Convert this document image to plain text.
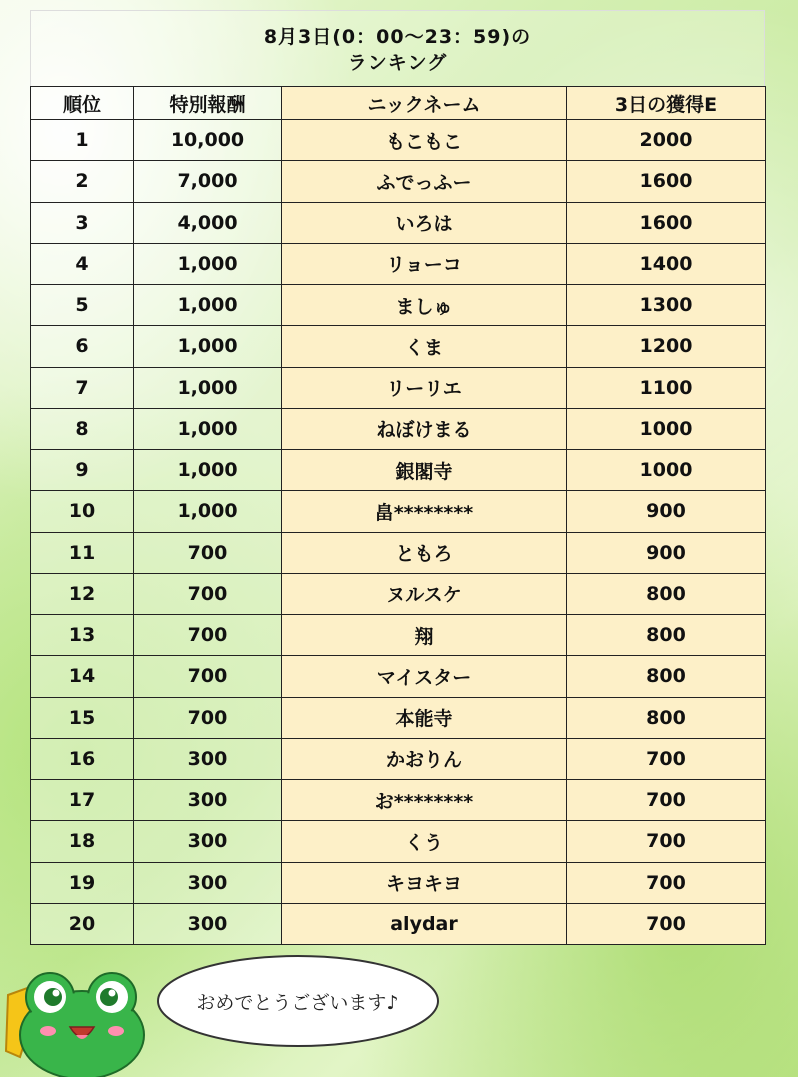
8月3日(0：00～23：59)の
ランキング
順位	特別報酬	ニックネーム	3日の獲得E
1	10,000	もこもこ	2000
2	7,000	ふでっふー	1600
3	4,000	いろは	1600
4	1,000	リョーコ	1400
5	1,000	ましゅ	1300
6	1,000	くま	1200
7	1,000	リーリエ	1100
8	1,000	ねぼけまる	1000
9	1,000	銀閣寺	1000
10	1,000	畠********	900
11	700	ともろ	900
12	700	ヌルスケ	800
13	700	翔	800
14	700	マイスター	800
15	700	本能寺	800
16	300	かおりん	700
17	300	お********	700
18	300	くう	700
19	300	キヨキヨ	700
20	300	alydar	700
おめでとうございます♪
